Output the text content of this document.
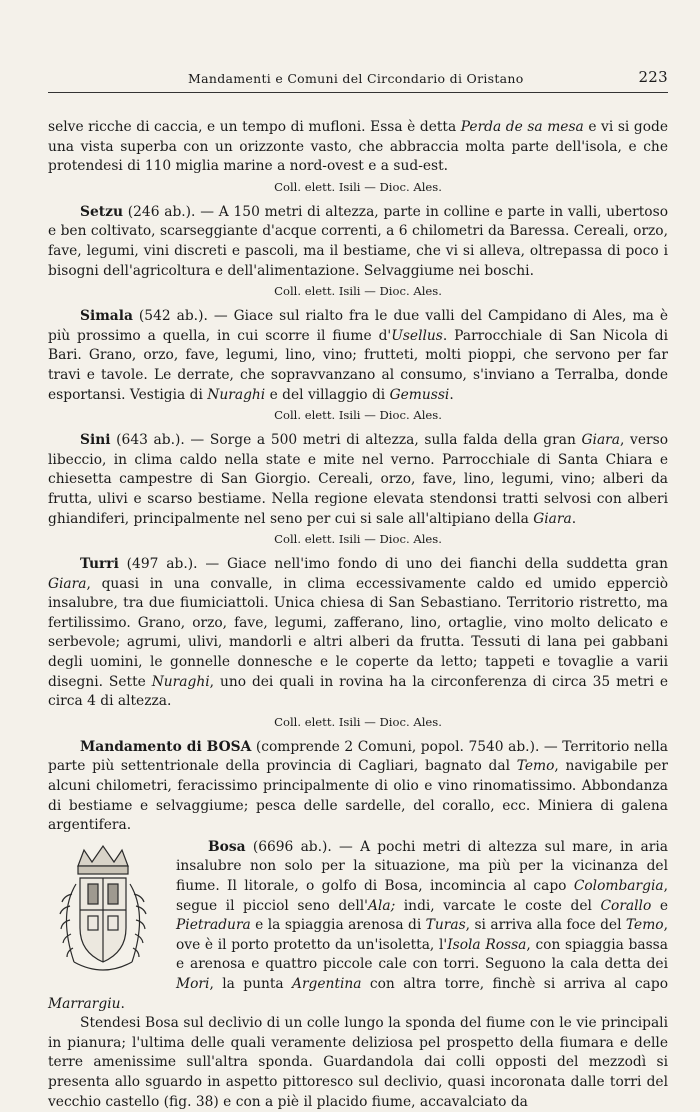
Mandamenti e Comuni del Circondario di Oristano	223

selve ricche di caccia, e un tempo di mufloni. Essa è detta Perda de sa mesa e vi si gode una vista superba con un orizzonte vasto, che abbraccia molta parte dell'isola, e che protendesi di 110 miglia marine a nord-ovest e a sud-est.

Coll. elett. Isili — Dioc. Ales.

Setzu (246 ab.). — A 150 metri di altezza, parte in colline e parte in valli, ubertoso e ben coltivato, scarseggiante d'acque correnti, a 6 chilometri da Baressa. Cereali, orzo, fave, legumi, vini discreti e pascoli, ma il bestiame, che vi si alleva, oltrepassa di poco i bisogni dell'agricoltura e dell'alimentazione. Selvaggiume nei boschi.

Coll. elett. Isili — Dioc. Ales.

Simala (542 ab.). — Giace sul rialto fra le due valli del Campidano di Ales, ma è più prossimo a quella, in cui scorre il fiume d'Usellus. Parrocchiale di San Nicola di Bari. Grano, orzo, fave, legumi, lino, vino; frutteti, molti pioppi, che servono per far travi e tavole. Le derrate, che sopravvanzano al consumo, s'inviano a Terralba, donde esportansi. Vestigia di Nuraghi e del villaggio di Gemussi.

Coll. elett. Isili — Dioc. Ales.

Sini (643 ab.). — Sorge a 500 metri di altezza, sulla falda della gran Giara, verso libeccio, in clima caldo nella state e mite nel verno. Parrocchiale di Santa Chiara e chiesetta campestre di San Giorgio. Cereali, orzo, fave, lino, legumi, vino; alberi da frutta, ulivi e scarso bestiame. Nella regione elevata stendonsi tratti selvosi con alberi ghiandiferi, principalmente nel seno per cui si sale all'altipiano della Giara.

Coll. elett. Isili — Dioc. Ales.

Turri (497 ab.). — Giace nell'imo fondo di uno dei fianchi della suddetta gran Giara, quasi in una convalle, in clima eccessivamente caldo ed umido epperciò insalubre, tra due fiumiciattoli. Unica chiesa di San Sebastiano. Territorio ristretto, ma fertilissimo. Grano, orzo, fave, legumi, zafferano, lino, ortaglie, vino molto delicato e serbevole; agrumi, ulivi, mandorli e altri alberi da frutta. Tessuti di lana pei gabbani degli uomini, le gonnelle donnesche e le coperte da letto; tappeti e tovaglie a varii disegni. Sette Nuraghi, uno dei quali in rovina ha la circonferenza di circa 35 metri e circa 4 di altezza.

Coll. elett. Isili — Dioc. Ales.

Mandamento di BOSA (comprende 2 Comuni, popol. 7540 ab.). — Territorio nella parte più settentrionale della provincia di Cagliari, bagnato dal Temo, navigabile per alcuni chilometri, feracissimo principalmente di olio e vino rinomatissimo. Abbondanza di bestiame e selvaggiume; pesca delle sardelle, del corallo, ecc. Miniera di galena argentifera.

Bosa (6696 ab.). — A pochi metri di altezza sul mare, in aria insalubre non solo per la situazione, ma più per la vicinanza del fiume. Il litorale, o golfo di Bosa, incomincia al capo Colombargia, segue il picciol seno dell'Ala; indi, varcate le coste del Corallo e Pietradura e la spiaggia arenosa di Turas, si arriva alla foce del Temo, ove è il porto protetto da un'isoletta, l'Isola Rossa, con spiaggia bassa e arenosa e quattro piccole cale con torri. Seguono la cala detta dei Mori, la punta Argentina con altra torre, finchè si arriva al capo Marrargiu.

Stendesi Bosa sul declivio di un colle lungo la sponda del fiume con le vie principali in pianura; l'ultima delle quali veramente deliziosa pel prospetto della fiumara e delle terre amenissime sull'altra sponda. Guardandola dai colli opposti del mezzodì si presenta allo sguardo in aspetto pittoresco sul declivio, quasi incoronata dalle torri del vecchio castello (fig. 38) e con a piè il placido fiume, accavalciato da
